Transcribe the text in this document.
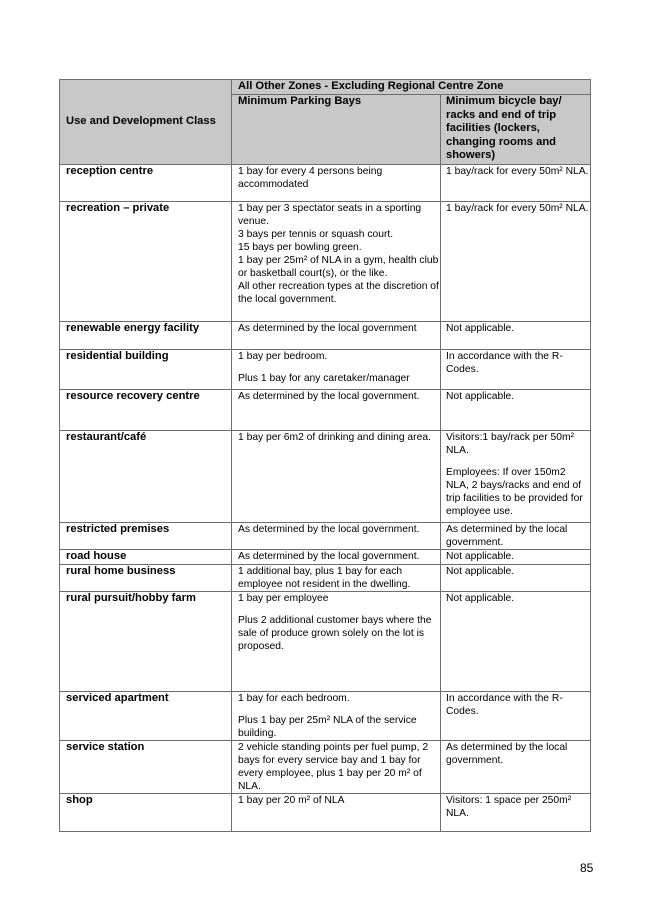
Use and Development Class	All Other Zones - Excluding Regional Centre Zone	
	Minimum Parking Bays	Minimum bicycle bay/ racks and end of trip facilities (lockers, changing rooms and showers)
reception centre	1 bay for every 4 persons being accommodated	1 bay/rack for every 50m² NLA.

recreation – private	1 bay per 3 spectator seats in a sporting venue.
3 bays per tennis or squash court.
15 bays per bowling green.
1 bay per 25m² of NLA in a gym, health club or basketball court(s), or the like.
All other recreation types at the discretion of the local government.	1 bay/rack for every 50m² NLA.

renewable energy facility	As determined by the local government	Not applicable.

residential building	1 bay per bedroom.
Plus 1 bay for any caretaker/manager	In accordance with the R-Codes.

resource recovery centre	As determined by the local government.	Not applicable.

restaurant/café	1 bay per 6m2 of drinking and dining area.	Visitors:1 bay/rack per 50m² NLA.
Employees: If over 150m2 NLA, 2 bays/racks and end of trip facilities to be provided for employee use.

restricted premises	As determined by the local government.	As determined by the local government.

road house	As determined by the local government.	Not applicable.

rural home business	1 additional bay, plus 1 bay for each employee not resident in the dwelling.	Not applicable.

rural pursuit/hobby farm	1 bay per employee
Plus 2 additional customer bays where the sale of produce grown solely on the lot is proposed.	Not applicable.

serviced apartment	1 bay for each bedroom.
Plus 1 bay per 25m² NLA of the service building.	In accordance with the R-Codes.

service station	2 vehicle standing points per fuel pump, 2 bays for every service bay and 1 bay for every employee, plus 1 bay per 20 m² of NLA.	As determined by the local government.

shop	1 bay per 20 m² of NLA	Visitors: 1 space per 250m² NLA.
85
